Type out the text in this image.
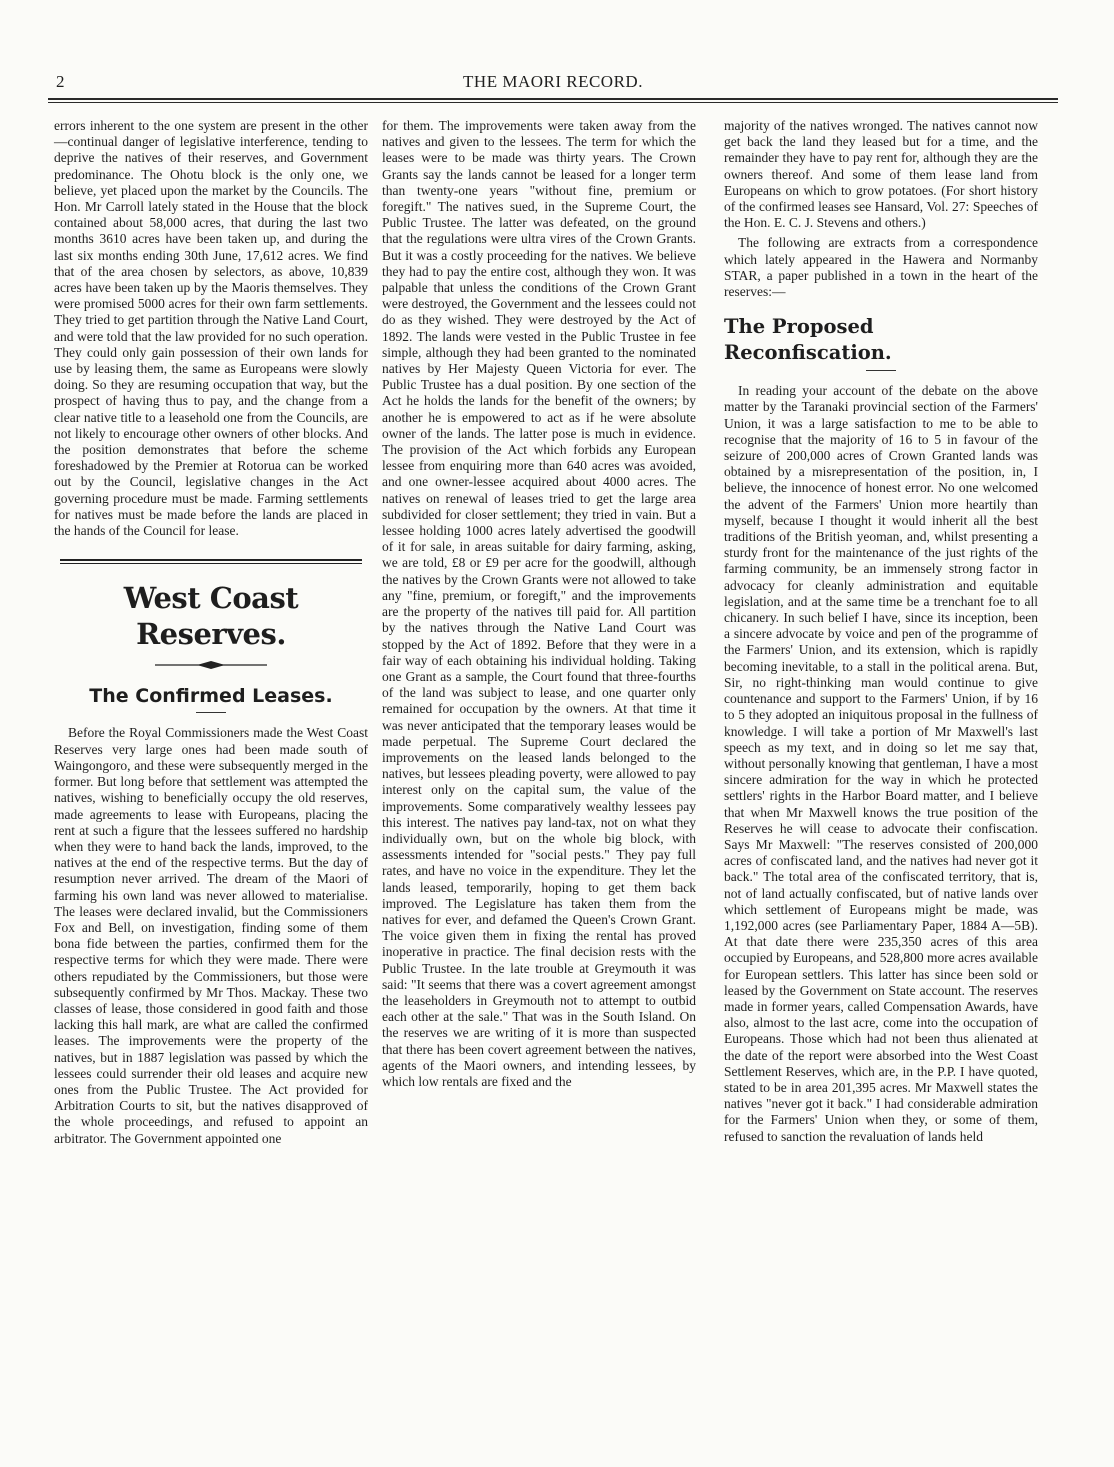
2	THE MAORI RECORD.

errors inherent to the one system are present in the other—continual danger of legislative interference, tending to deprive the natives of their reserves, and Government predominance. The Ohotu block is the only one, we believe, yet placed upon the market by the Councils. The Hon. Mr Carroll lately stated in the House that the block contained about 58,000 acres, that during the last two months 3610 acres have been taken up, and during the last six months ending 30th June, 17,612 acres. We find that of the area chosen by selectors, as above, 10,839 acres have been taken up by the Maoris themselves. They were promised 5000 acres for their own farm settlements. They tried to get partition through the Native Land Court, and were told that the law provided for no such operation. They could only gain possession of their own lands for use by leasing them, the same as Europeans were slowly doing. So they are resuming occupation that way, but the prospect of having thus to pay, and the change from a clear native title to a leasehold one from the Councils, are not likely to encourage other owners of other blocks. And the position demonstrates that before the scheme foreshadowed by the Premier at Rotorua can be worked out by the Council, legislative changes in the Act governing procedure must be made. Farming settlements for natives must be made before the lands are placed in the hands of the Council for lease.

West Coast Reserves.
The Confirmed Leases.

Before the Royal Commissioners made the West Coast Reserves very large ones had been made south of Waingongoro, and these were subsequently merged in the former. But long before that settlement was attempted the natives, wishing to beneficially occupy the old reserves, made agreements to lease with Europeans, placing the rent at such a figure that the lessees suffered no hardship when they were to hand back the lands, improved, to the natives at the end of the respective terms. But the day of resumption never arrived. The dream of the Maori of farming his own land was never allowed to materialise. The leases were declared invalid, but the Commissioners Fox and Bell, on investigation, finding some of them bona fide between the parties, confirmed them for the respective terms for which they were made. There were others repudiated by the Commissioners, but those were subsequently confirmed by Mr Thos. Mackay. These two classes of lease, those considered in good faith and those lacking this hall mark, are what are called the confirmed leases. The improvements were the property of the natives, but in 1887 legislation was passed by which the lessees could surrender their old leases and acquire new ones from the Public Trustee. The Act provided for Arbitration Courts to sit, but the natives disapproved of the whole proceedings, and refused to appoint an arbitrator. The Government appointed one

for them. The improvements were taken away from the natives and given to the lessees. The term for which the leases were to be made was thirty years. The Crown Grants say the lands cannot be leased for a longer term than twenty-one years "without fine, premium or foregift." The natives sued, in the Supreme Court, the Public Trustee. The latter was defeated, on the ground that the regulations were ultra vires of the Crown Grants. But it was a costly proceeding for the natives. We believe they had to pay the entire cost, although they won. It was palpable that unless the conditions of the Crown Grant were destroyed, the Government and the lessees could not do as they wished. They were destroyed by the Act of 1892. The lands were vested in the Public Trustee in fee simple, although they had been granted to the nominated natives by Her Majesty Queen Victoria for ever. The Public Trustee has a dual position. By one section of the Act he holds the lands for the benefit of the owners; by another he is empowered to act as if he were absolute owner of the lands. The latter pose is much in evidence. The provision of the Act which forbids any European lessee from enquiring more than 640 acres was avoided, and one owner-lessee acquired about 4000 acres. The natives on renewal of leases tried to get the large area subdivided for closer settlement; they tried in vain. But a lessee holding 1000 acres lately advertised the goodwill of it for sale, in areas suitable for dairy farming, asking, we are told, £8 or £9 per acre for the goodwill, although the natives by the Crown Grants were not allowed to take any "fine, premium, or foregift," and the improvements are the property of the natives till paid for. All partition by the natives through the Native Land Court was stopped by the Act of 1892. Before that they were in a fair way of each obtaining his individual holding. Taking one Grant as a sample, the Court found that three-fourths of the land was subject to lease, and one quarter only remained for occupation by the owners. At that time it was never anticipated that the temporary leases would be made perpetual. The Supreme Court declared the improvements on the leased lands belonged to the natives, but lessees pleading poverty, were allowed to pay interest only on the capital sum, the value of the improvements. Some comparatively wealthy lessees pay this interest. The natives pay land-tax, not on what they individually own, but on the whole big block, with assessments intended for "social pests." They pay full rates, and have no voice in the expenditure. They let the lands leased, temporarily, hoping to get them back improved. The Legislature has taken them from the natives for ever, and defamed the Queen's Crown Grant. The voice given them in fixing the rental has proved inoperative in practice. The final decision rests with the Public Trustee. In the late trouble at Greymouth it was said: "It seems that there was a covert agreement amongst the leaseholders in Greymouth not to attempt to outbid each other at the sale." That was in the South Island. On the reserves we are writing of it is more than suspected that there has been covert agreement between the natives, agents of the Maori owners, and intending lessees, by which low rentals are fixed and the

majority of the natives wronged. The natives cannot now get back the land they leased but for a time, and the remainder they have to pay rent for, although they are the owners thereof. And some of them lease land from Europeans on which to grow potatoes. (For short history of the confirmed leases see Hansard, Vol. 27: Speeches of the Hon. E. C. J. Stevens and others.)

The following are extracts from a correspondence which lately appeared in the Hawera and Normanby STAR, a paper published in a town in the heart of the reserves:—

The Proposed Reconfiscation.

In reading your account of the debate on the above matter by the Taranaki provincial section of the Farmers' Union, it was a large satisfaction to me to be able to recognise that the majority of 16 to 5 in favour of the seizure of 200,000 acres of Crown Granted lands was obtained by a misrepresentation of the position, in, I believe, the innocence of honest error. No one welcomed the advent of the Farmers' Union more heartily than myself, because I thought it would inherit all the best traditions of the British yeoman, and, whilst presenting a sturdy front for the maintenance of the just rights of the farming community, be an immensely strong factor in advocacy for cleanly administration and equitable legislation, and at the same time be a trenchant foe to all chicanery. In such belief I have, since its inception, been a sincere advocate by voice and pen of the programme of the Farmers' Union, and its extension, which is rapidly becoming inevitable, to a stall in the political arena. But, Sir, no right-thinking man would continue to give countenance and support to the Farmers' Union, if by 16 to 5 they adopted an iniquitous proposal in the fullness of knowledge. I will take a portion of Mr Maxwell's last speech as my text, and in doing so let me say that, without personally knowing that gentleman, I have a most sincere admiration for the way in which he protected settlers' rights in the Harbor Board matter, and I believe that when Mr Maxwell knows the true position of the Reserves he will cease to advocate their confiscation. Says Mr Maxwell: "The reserves consisted of 200,000 acres of confiscated land, and the natives had never got it back." The total area of the confiscated territory, that is, not of land actually confiscated, but of native lands over which settlement of Europeans might be made, was 1,192,000 acres (see Parliamentary Paper, 1884 A—5B). At that date there were 235,350 acres of this area occupied by Europeans, and 528,800 more acres available for European settlers. This latter has since been sold or leased by the Government on State account. The reserves made in former years, called Compensation Awards, have also, almost to the last acre, come into the occupation of Europeans. Those which had not been thus alienated at the date of the report were absorbed into the West Coast Settlement Reserves, which are, in the P.P. I have quoted, stated to be in area 201,395 acres. Mr Maxwell states the natives "never got it back." I had considerable admiration for the Farmers' Union when they, or some of them, refused to sanction the revaluation of lands held
